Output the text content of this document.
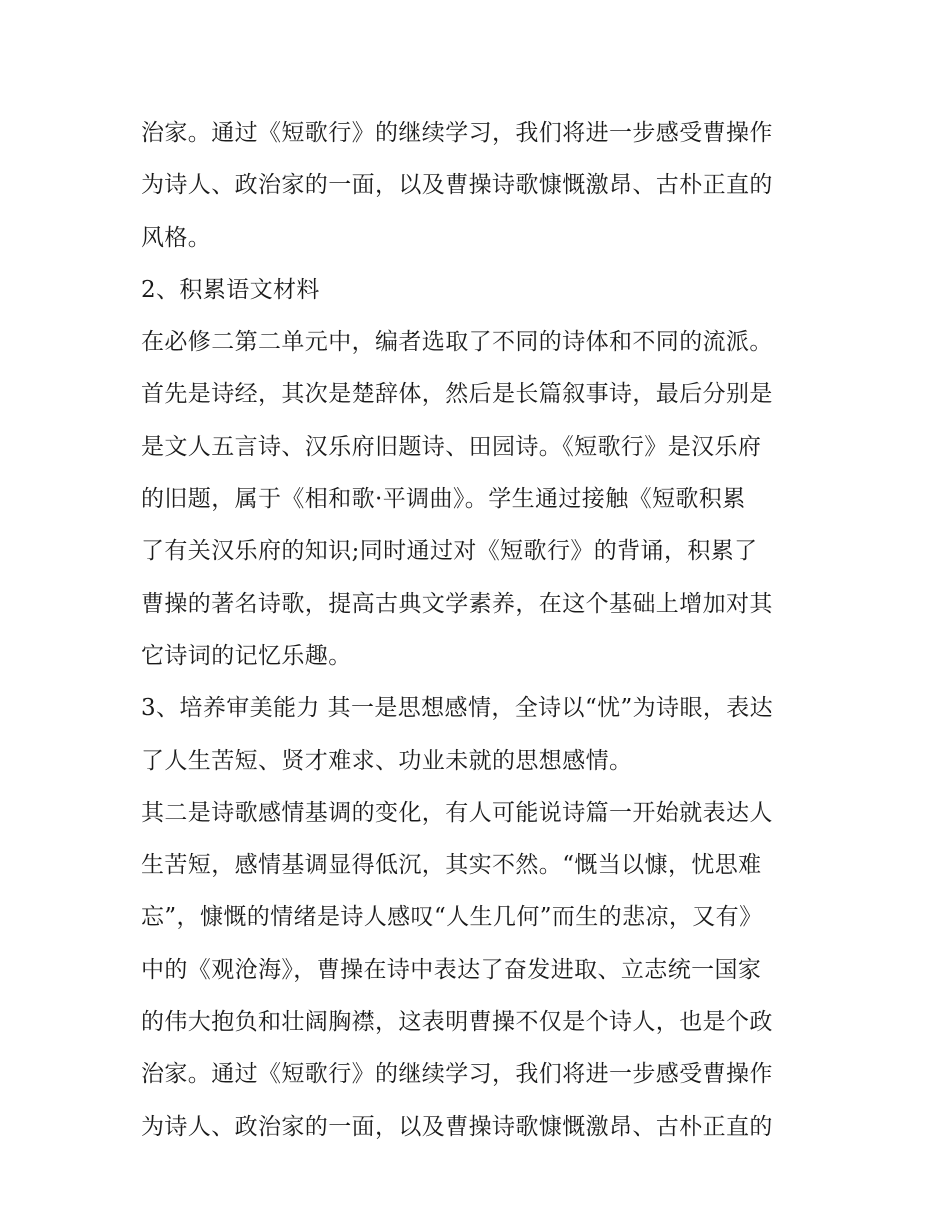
治家。通过《短歌行》的继续学习，我们将进一步感受曹操作
为诗人、政治家的一面，以及曹操诗歌慷慨激昂、古朴正直的
风格。
2、积累语文材料
在必修二第二单元中，编者选取了不同的诗体和不同的流派。
首先是诗经，其次是楚辞体，然后是长篇叙事诗，最后分别是
是文人五言诗、汉乐府旧题诗、田园诗。《短歌行》是汉乐府
的旧题，属于《相和歌·平调曲》。学生通过接触《短歌积累
了有关汉乐府的知识;同时通过对《短歌行》的背诵，积累了
曹操的著名诗歌，提高古典文学素养，在这个基础上增加对其
它诗词的记忆乐趣。
3、培养审美能力 其一是思想感情，全诗以“忧”为诗眼，表达
了人生苦短、贤才难求、功业未就的思想感情。
其二是诗歌感情基调的变化，有人可能说诗篇一开始就表达人
生苦短，感情基调显得低沉，其实不然。“慨当以慷，忧思难
忘”，慷慨的情绪是诗人感叹“人生几何”而生的悲凉，又有》
中的《观沧海》，曹操在诗中表达了奋发进取、立志统一国家
的伟大抱负和壮阔胸襟，这表明曹操不仅是个诗人，也是个政
治家。通过《短歌行》的继续学习，我们将进一步感受曹操作
为诗人、政治家的一面，以及曹操诗歌慷慨激昂、古朴正直的
